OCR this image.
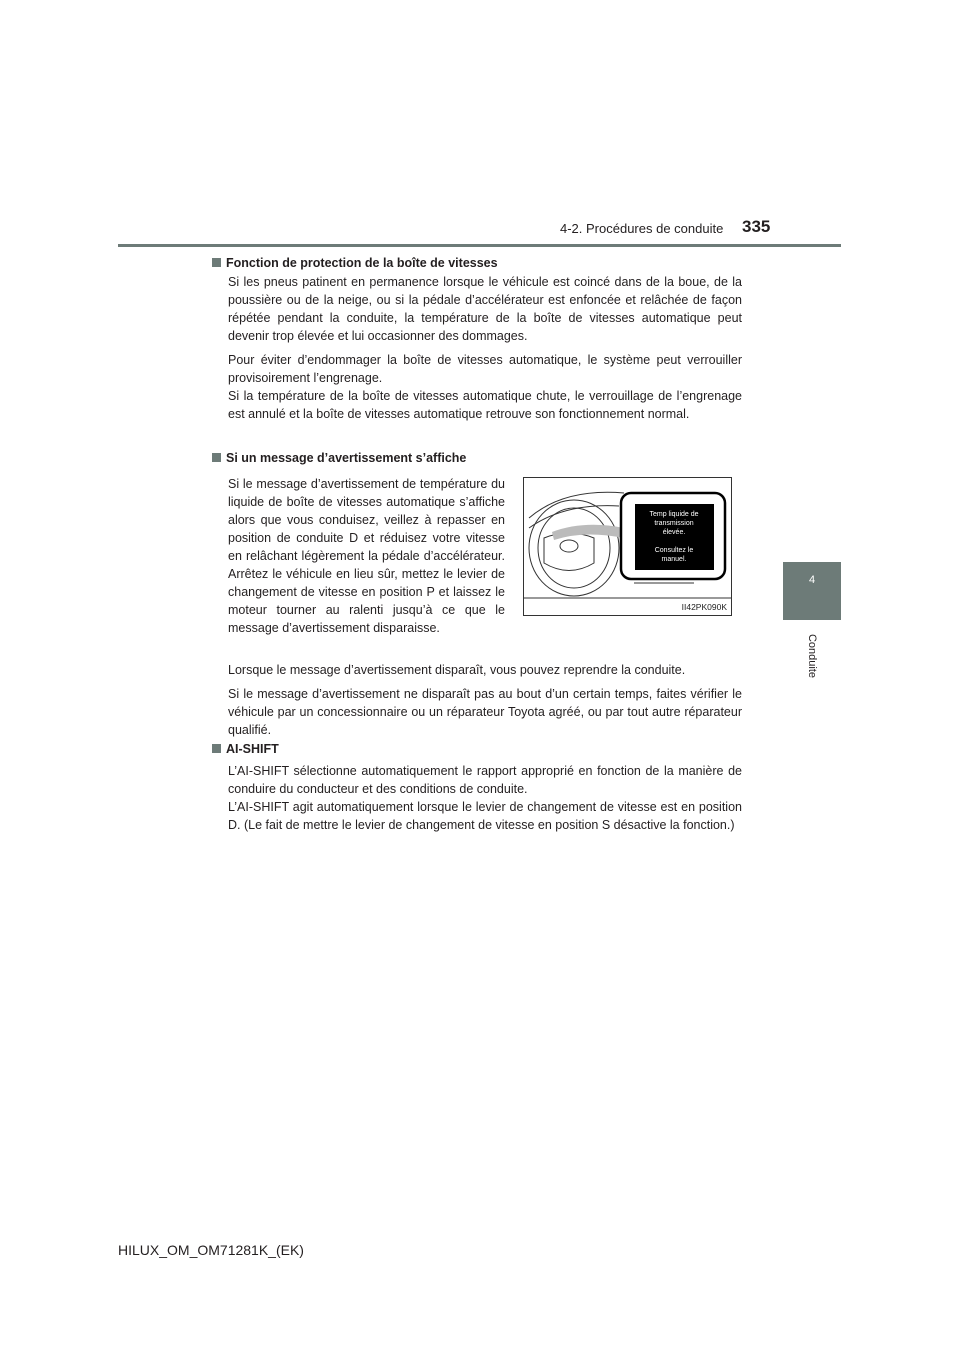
4-2. Procédures de conduite 335
4
Conduite
Fonction de protection de la boîte de vitesses

Si les pneus patinent en permanence lorsque le véhicule est coincé dans de la boue, de la poussière ou de la neige, ou si la pédale d’accélérateur est enfoncée et relâchée de façon répétée pendant la conduite, la température de la boîte de vitesses automatique peut devenir trop élevée et lui occasionner des dommages.

Pour éviter d’endommager la boîte de vitesses automatique, le système peut verrouiller provisoirement l’engrenage.

Si la température de la boîte de vitesses automatique chute, le verrouillage de l’engrenage est annulé et la boîte de vitesses automatique retrouve son fonctionnement normal.

Si un message d’avertissement s’affiche

Si le message d’avertissement de température du liquide de boîte de vitesses automatique s’affiche alors que vous conduisez, veillez à repasser en position de conduite D et réduisez votre vitesse en relâchant légèrement la pédale d’accélérateur. Arrêtez le véhicule en lieu sûr, mettez le levier de changement de vitesse en position P et laissez le moteur tourner au ralenti jusqu’à ce que le message d’avertissement disparaisse.

Temp liquide de
transmission
élevée.
Consultez le
manuel.
II42PK090K

Lorsque le message d’avertissement disparaît, vous pouvez reprendre la conduite.

Si le message d’avertissement ne disparaît pas au bout d’un certain temps, faites vérifier le véhicule par un concessionnaire ou un réparateur Toyota agréé, ou par tout autre réparateur qualifié.

AI-SHIFT

L’AI-SHIFT sélectionne automatiquement le rapport approprié en fonction de la manière de conduire du conducteur et des conditions de conduite.

L’AI-SHIFT agit automatiquement lorsque le levier de changement de vitesse est en position D. (Le fait de mettre le levier de changement de vitesse en position S désactive la fonction.)

HILUX_OM_OM71281K_(EK)
